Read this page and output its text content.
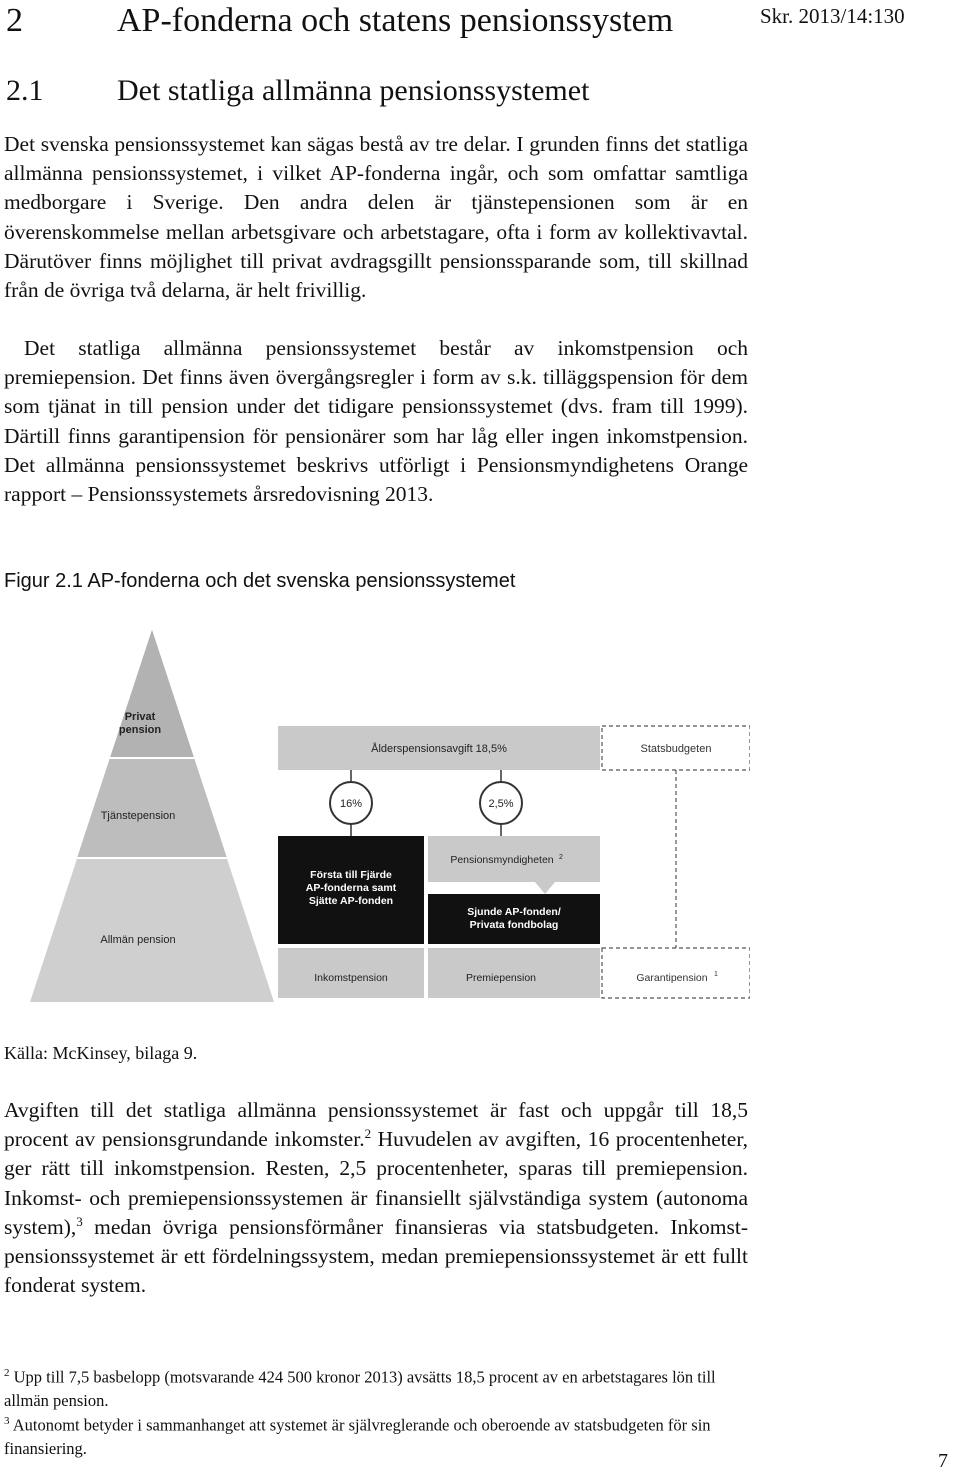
2	AP-fonderna och statens pensionssystem	Skr. 2013/14:130
2.1 Det statliga allmänna pensionssystemet

Det svenska pensionssystemet kan sägas bestå av tre delar. I grunden finns det statliga allmänna pensionssystemet, i vilket AP-fonderna ingår, och som omfattar samtliga medborgare i Sverige. Den andra delen är tjänstepensionen som är en överenskommelse mellan arbetsgivare och arbetstagare, ofta i form av kollektivavtal. Därutöver finns möjlighet till privat avdragsgillt pensionssparande som, till skillnad från de övriga två delarna, är helt frivillig.

Det statliga allmänna pensionssystemet består av inkomstpension och premiepension. Det finns även övergångsregler i form av s.k. tilläggspension för dem som tjänat in till pension under det tidigare pensionssystemet (dvs. fram till 1999). Därtill finns garantipension för pensionärer som har låg eller ingen inkomstpension. Det allmänna pensionssystemet beskrivs utförligt i Pensionsmyndighetens Orange rapport – Pensionssystemets årsredovisning 2013.

Figur 2.1 AP-fonderna och det svenska pensionssystemet
Privat
pension
Tjänstepension
Allmän pension
Ålderspensionsavgift 18,5%	Statsbudgeten
16%	2,5%
Första till Fjärde
AP-fonderna samt
Sjätte AP-fonden
Pensionsmyndigheten 2
Sjunde AP-fonden/
Privata fondbolag
Inkomstpension	Premiepension	Garantipension 1
Källa: McKinsey, bilaga 9.

Avgiften till det statliga allmänna pensionssystemet är fast och uppgår till 18,5 procent av pensionsgrundande inkomster.$^2$ Huvudelen av avgiften, 16 procentenheter, ger rätt till inkomstpension. Resten, 2,5 procentenheter, sparas till premiepension. Inkomst- och premiepensionssystemen är finansiellt självständiga system (autonoma system),$^3$ medan övriga pensionsförmåner finansieras via statsbudgeten. Inkomstpensionssystemet är ett fördelningssystem, medan premiepensionssystemet är ett fullt fonderat system.

$^2$ Upp till 7,5 basbelopp (motsvarande 424 500 kronor 2013) avsätts 18,5 procent av en arbetstagares lön till allmän pension.

$^3$ Autonomt betyder i sammanhanget att systemet är självreglerande och oberoende av statsbudgeten för sin finansiering.

7
